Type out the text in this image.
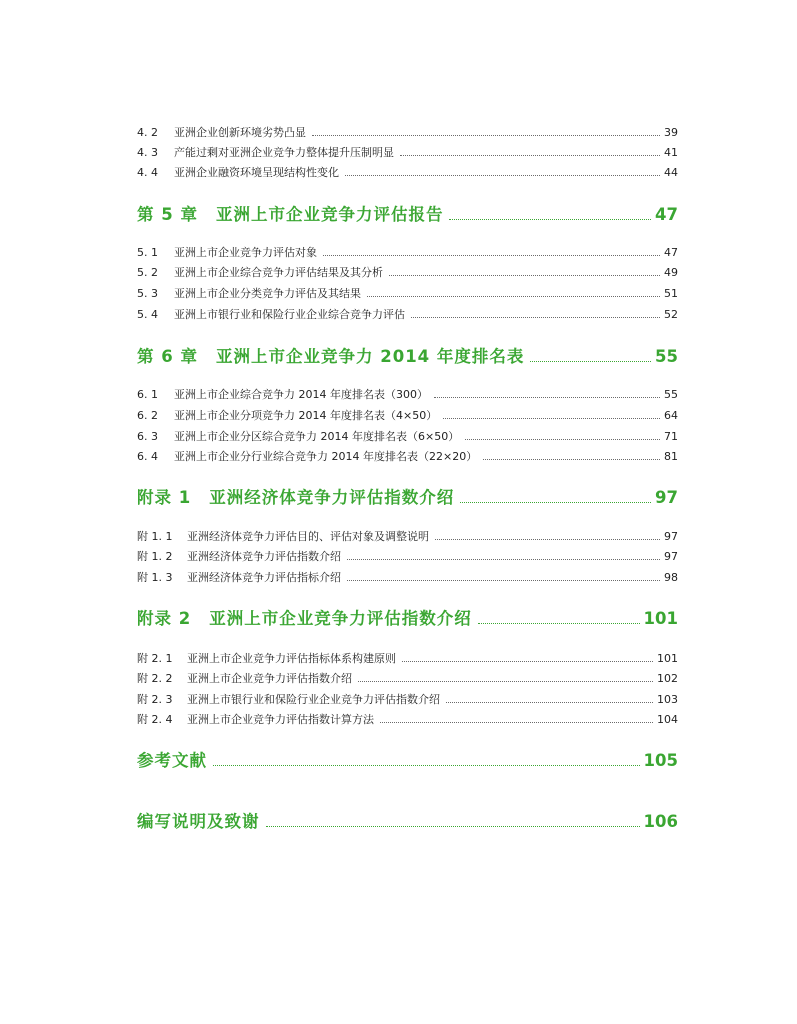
4. 2	亚洲企业创新环境劣势凸显	39
4. 3	产能过剩对亚洲企业竞争力整体提升压制明显	41
4. 4	亚洲企业融资环境呈现结构性变化	44
第 5 章 亚洲上市企业竞争力评估报告	47
5. 1	亚洲上市企业竞争力评估对象	47
5. 2	亚洲上市企业综合竞争力评估结果及其分析	49
5. 3	亚洲上市企业分类竞争力评估及其结果	51
5. 4	亚洲上市银行业和保险行业企业综合竞争力评估	52
第 6 章 亚洲上市企业竞争力 2014 年度排名表	55
6. 1	亚洲上市企业综合竞争力 2014 年度排名表（300）	55
6. 2	亚洲上市企业分项竞争力 2014 年度排名表（4×50）	64
6. 3	亚洲上市企业分区综合竞争力 2014 年度排名表（6×50）	71
6. 4	亚洲上市企业分行业综合竞争力 2014 年度排名表（22×20）	81
附录 1 亚洲经济体竞争力评估指数介绍	97
附 1. 1	亚洲经济体竞争力评估目的、评估对象及调整说明	97
附 1. 2	亚洲经济体竞争力评估指数介绍	97
附 1. 3	亚洲经济体竞争力评估指标介绍	98
附录 2 亚洲上市企业竞争力评估指数介绍	101
附 2. 1	亚洲上市企业竞争力评估指标体系构建原则	101
附 2. 2	亚洲上市企业竞争力评估指数介绍	102
附 2. 3	亚洲上市银行业和保险行业企业竞争力评估指数介绍	103
附 2. 4	亚洲上市企业竞争力评估指数计算方法	104
参考文献	105
编写说明及致谢	106
